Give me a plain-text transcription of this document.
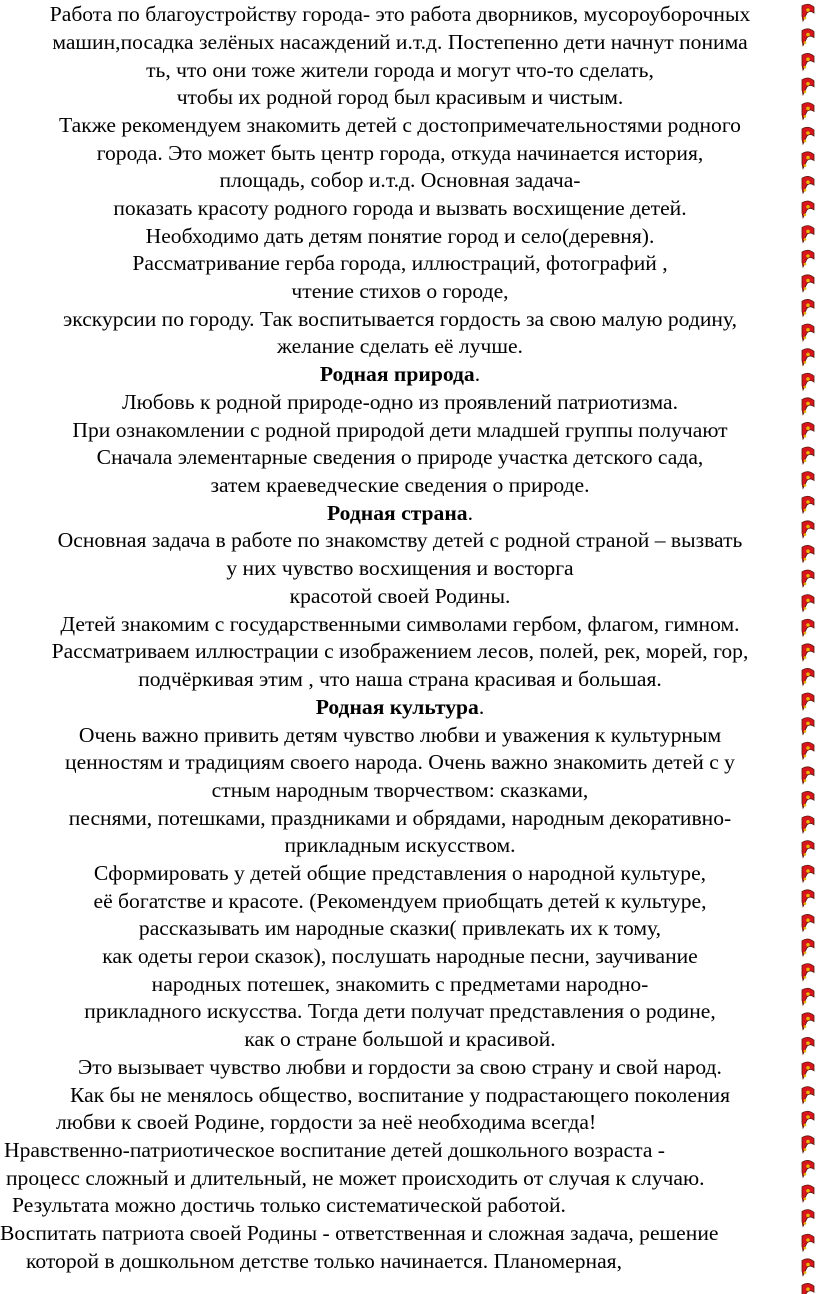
Работа по благоустройству города- это работа дворников, мусороуборочных
машин,посадка зелёных насаждений и.т.д. Постепенно дети начнут понима
ть, что они тоже жители города и могут что-то сделать,
чтобы их родной город был красивым и чистым.
Также рекомендуем знакомить детей с достопримечательностями родного
города. Это может быть центр города, откуда начинается история,
площадь, собор и.т.д. Основная задача-
показать красоту родного города и вызвать восхищение детей.
Необходимо дать детям понятие город и село(деревня).
Рассматривание герба города, иллюстраций, фотографий ,
чтение стихов о городе,
экскурсии по городу. Так воспитывается гордость за свою малую родину,
желание сделать её лучше.
Родная природа.
Любовь к родной природе-одно из проявлений патриотизма.
При ознакомлении с родной природой дети младшей группы получают
Сначала элементарные сведения о природе участка детского сада,
затем краеведческие сведения о природе.
Родная страна.
Основная задача в работе по знакомству детей с родной страной – вызвать
у них чувство восхищения и восторга
красотой своей Родины.
Детей знакомим с государственными символами гербом, флагом, гимном.
Рассматриваем иллюстрации с изображением лесов, полей, рек, морей, гор,
подчёркивая этим , что наша страна красивая и большая.
Родная культура.
Очень важно привить детям чувство любви и уважения к культурным
ценностям и традициям своего народа. Очень важно знакомить детей с у
стным народным творчеством: сказками,
песнями, потешками, праздниками и обрядами, народным декоративно-
прикладным искусством.
Сформировать у детей общие представления о народной культуре,
её богатстве и красоте. (Рекомендуем приобщать детей к культуре,
рассказывать им народные сказки( привлекать их к тому,
как одеты герои сказок), послушать народные песни, заучивание
народных потешек, знакомить с предметами народно-
прикладного искусства. Тогда дети получат представления о родине,
как о стране большой и красивой.
Это вызывает чувство любви и гордости за свою страну и свой народ.
Как бы не менялось общество, воспитание у подрастающего поколения
любви к своей Родине, гордости за неё необходима всегда!
Нравственно-патриотическое воспитание детей дошкольного возраста -
процесс сложный и длительный, не может происходить от случая к случаю.
Результата можно достичь только систематической работой.
Воспитать патриота своей Родины - ответственная и сложная задача, решение
которой в дошкольном детстве только начинается. Планомерная,
